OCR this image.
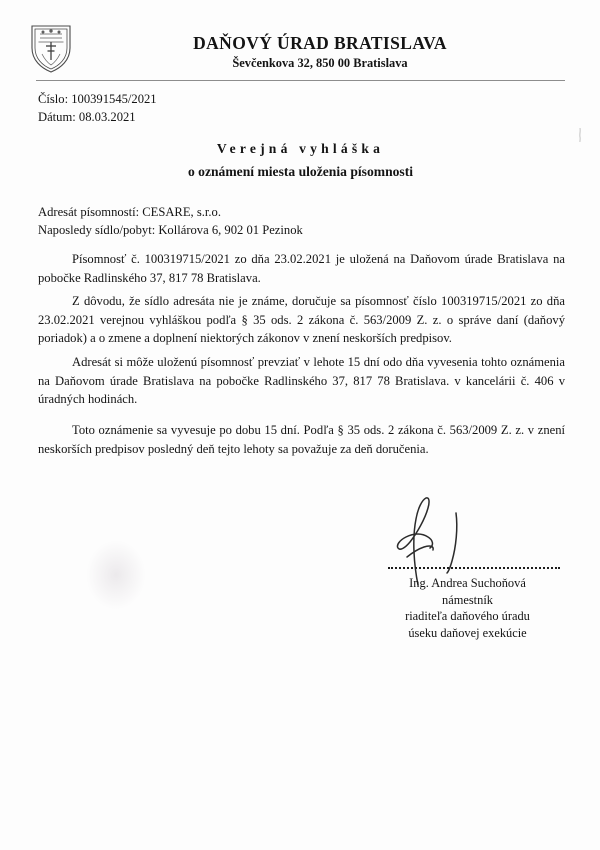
DAŇOVÝ ÚRAD BRATISLAVA
Ševčenkova 32, 850 00 Bratislava
Číslo: 100391545/2021
Dátum: 08.03.2021
Verejná vyhláška
o oznámení miesta uloženia písomnosti
Adresát písomností: CESARE, s.r.o.
Naposledy sídlo/pobyt: Kollárova 6, 902 01 Pezinok

Písomnosť č. 100319715/2021 zo dňa 23.02.2021 je uložená na Daňovom úrade Bratislava na pobočke Radlinského 37, 817 78 Bratislava.

Z dôvodu, že sídlo adresáta nie je známe, doručuje sa písomnosť číslo 100319715/2021 zo dňa 23.02.2021 verejnou vyhláškou podľa § 35 ods. 2 zákona č. 563/2009 Z. z. o správe daní (daňový poriadok) a o zmene a doplnení niektorých zákonov v znení neskorších predpisov.

Adresát si môže uloženú písomnosť prevziať v lehote 15 dní odo dňa vyvesenia tohto oznámenia na Daňovom úrade Bratislava na pobočke Radlinského 37, 817 78 Bratislava. v kancelárii č. 406 v úradných hodinách.

Toto oznámenie sa vyvesuje po dobu 15 dní. Podľa § 35 ods. 2 zákona č. 563/2009 Z. z. v znení neskorších predpisov posledný deň tejto lehoty sa považuje za deň doručenia.

Ing. Andrea Suchoňová
námestník
riaditeľa daňového úradu
úseku daňovej exekúcie
